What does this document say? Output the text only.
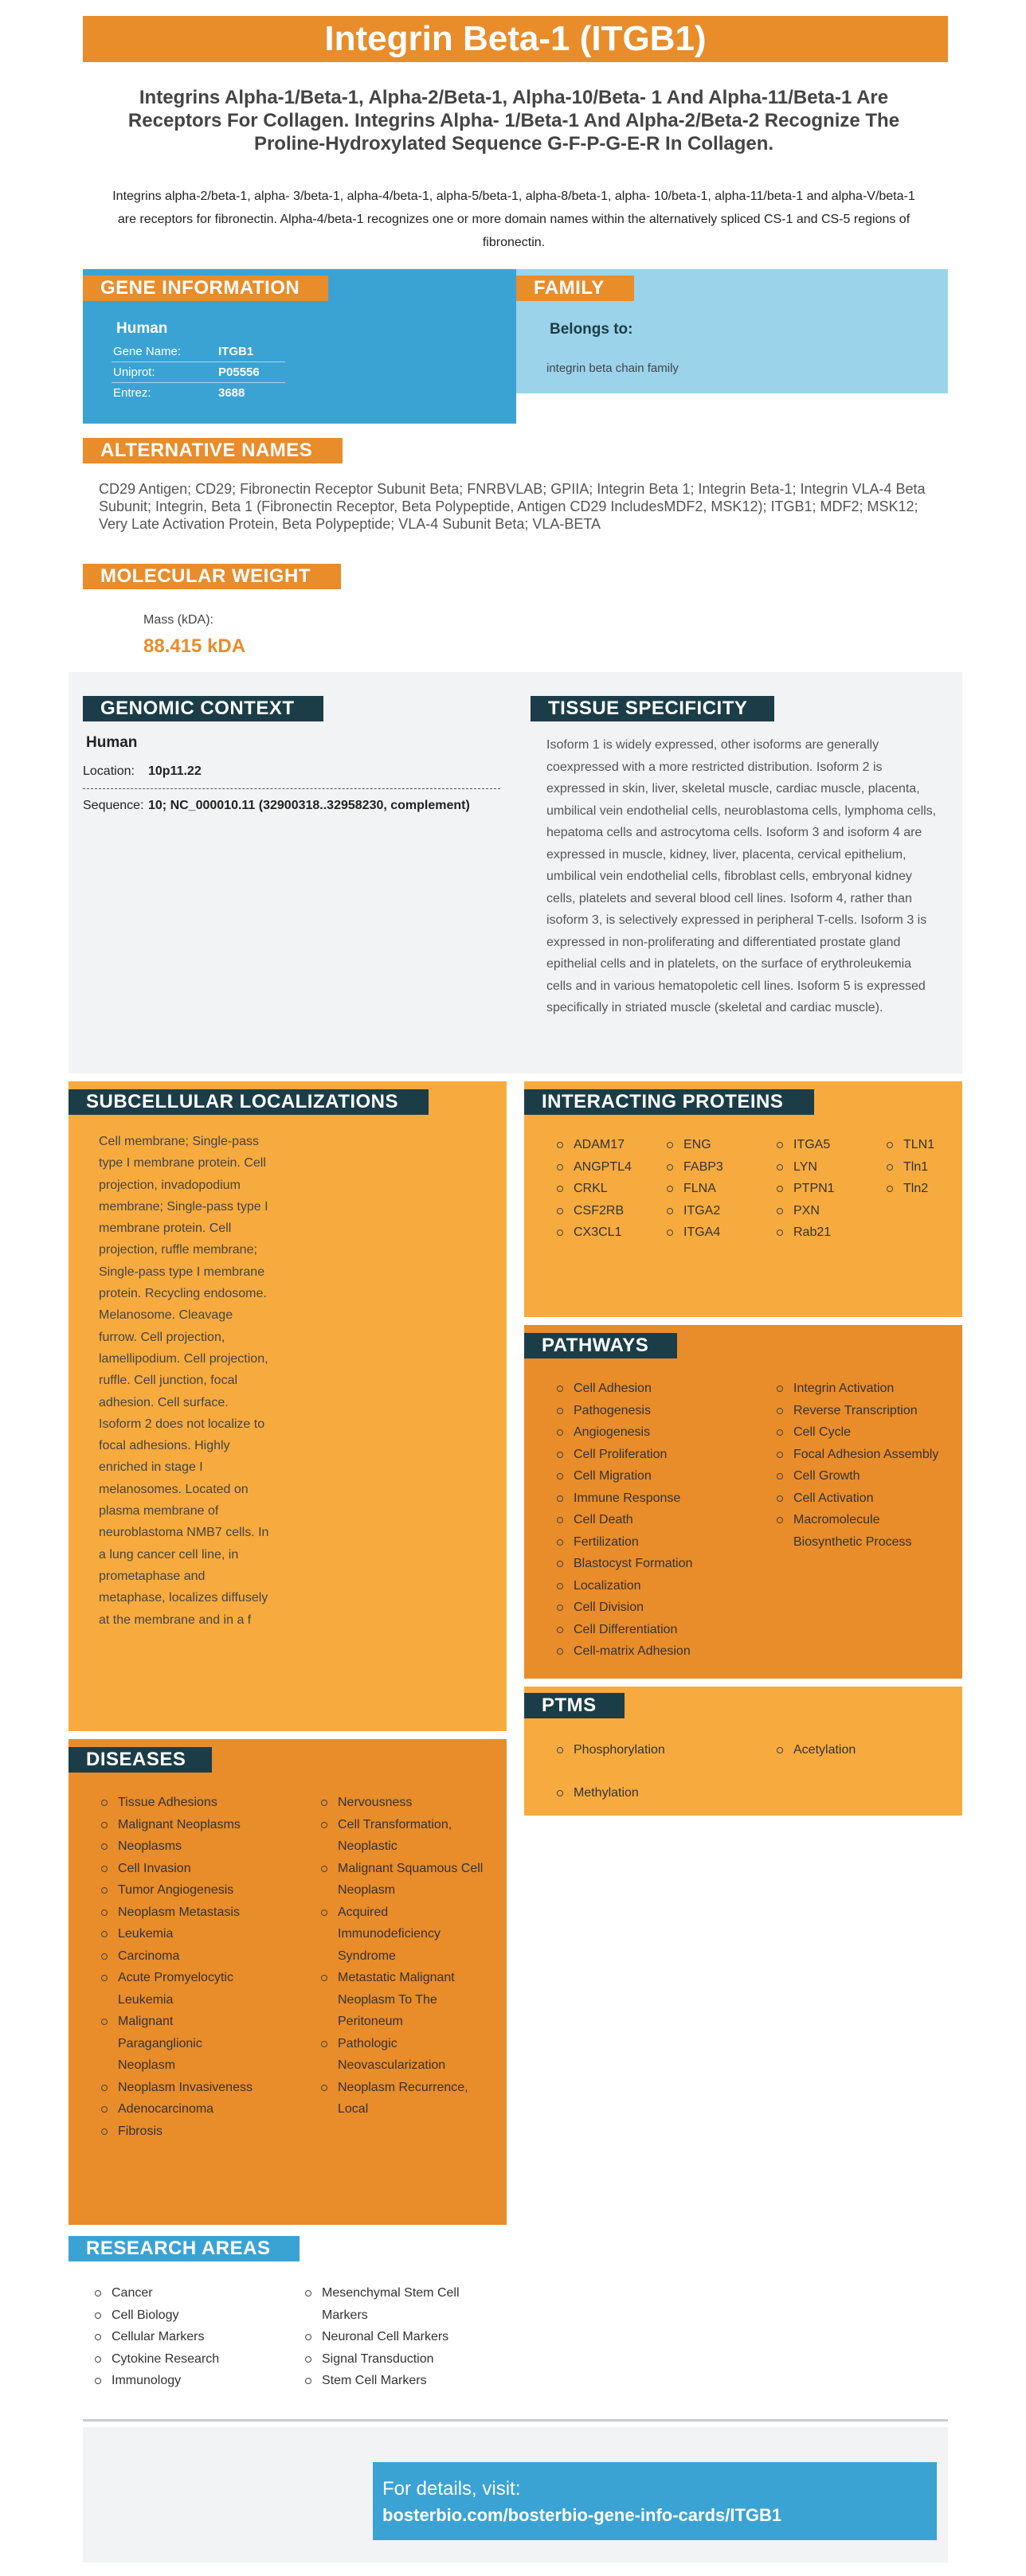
Integrin Beta-1 (ITGB1)
Integrins Alpha-1/Beta-1, Alpha-2/Beta-1, Alpha-10/Beta- 1 And Alpha-11/Beta-1 Are Receptors For Collagen. Integrins Alpha- 1/Beta-1 And Alpha-2/Beta-2 Recognize The Proline-Hydroxylated Sequence G-F-P-G-E-R In Collagen.
Integrins alpha-2/beta-1, alpha- 3/beta-1, alpha-4/beta-1, alpha-5/beta-1, alpha-8/beta-1, alpha- 10/beta-1, alpha-11/beta-1 and alpha-V/beta-1 are receptors for fibronectin. Alpha-4/beta-1 recognizes one or more domain names within the alternatively spliced CS-1 and CS-5 regions of fibronectin.
GENE INFORMATION
Human
Gene Name:	ITGB1
Uniprot:	P05556
Entrez:	3688
FAMILY
Belongs to:
integrin beta chain family
ALTERNATIVE NAMES
CD29 Antigen; CD29; Fibronectin Receptor Subunit Beta; FNRBVLAB; GPIIA; Integrin Beta 1; Integrin Beta-1; Integrin VLA-4 Beta Subunit; Integrin, Beta 1 (Fibronectin Receptor, Beta Polypeptide, Antigen CD29 IncludesMDF2, MSK12); ITGB1; MDF2; MSK12; Very Late Activation Protein, Beta Polypeptide; VLA-4 Subunit Beta; VLA-BETA
MOLECULAR WEIGHT
Mass (kDA):
88.415 kDA
GENOMIC CONTEXT
Human
Location: 10p11.22
Sequence: 10; NC_000010.11 (32900318..32958230, complement)
TISSUE SPECIFICITY
Isoform 1 is widely expressed, other isoforms are generally coexpressed with a more restricted distribution. Isoform 2 is expressed in skin, liver, skeletal muscle, cardiac muscle, placenta, umbilical vein endothelial cells, neuroblastoma cells, lymphoma cells, hepatoma cells and astrocytoma cells. Isoform 3 and isoform 4 are expressed in muscle, kidney, liver, placenta, cervical epithelium, umbilical vein endothelial cells, fibroblast cells, embryonal kidney cells, platelets and several blood cell lines. Isoform 4, rather than isoform 3, is selectively expressed in peripheral T-cells. Isoform 3 is expressed in non-proliferating and differentiated prostate gland epithelial cells and in platelets, on the surface of erythroleukemia cells and in various hematopoletic cell lines. Isoform 5 is expressed specifically in striated muscle (skeletal and cardiac muscle).
SUBCELLULAR LOCALIZATIONS
Cell membrane; Single-pass type I membrane protein. Cell projection, invadopodium membrane; Single-pass type I membrane protein. Cell projection, ruffle membrane; Single-pass type I membrane protein. Recycling endosome. Melanosome. Cleavage furrow. Cell projection, lamellipodium. Cell projection, ruffle. Cell junction, focal adhesion. Cell surface. Isoform 2 does not localize to focal adhesions. Highly enriched in stage I melanosomes. Located on plasma membrane of neuroblastoma NMB7 cells. In a lung cancer cell line, in prometaphase and metaphase, localizes diffusely at the membrane and in a f
INTERACTING PROTEINS
ADAM17
ANGPTL4
CRKL
CSF2RB
CX3CL1
ENG
FABP3
FLNA
ITGA2
ITGA4
ITGA5
LYN
PTPN1
PXN
Rab21
TLN1
Tln1
Tln2
PATHWAYS
Cell Adhesion
Pathogenesis
Angiogenesis
Cell Proliferation
Cell Migration
Immune Response
Cell Death
Fertilization
Blastocyst Formation
Localization
Cell Division
Cell Differentiation
Cell-matrix Adhesion
Integrin Activation
Reverse Transcription
Cell Cycle
Focal Adhesion Assembly
Cell Growth
Cell Activation
Macromolecule Biosynthetic Process
PTMS
Phosphorylation	Acetylation
Methylation
DISEASES
Tissue Adhesions
Malignant Neoplasms
Neoplasms
Cell Invasion
Tumor Angiogenesis
Neoplasm Metastasis
Leukemia
Carcinoma
Acute Promyelocytic Leukemia
Malignant Paraganglionic Neoplasm
Neoplasm Invasiveness
Adenocarcinoma
Fibrosis
Nervousness
Cell Transformation, Neoplastic
Malignant Squamous Cell Neoplasm
Acquired Immunodeficiency Syndrome
Metastatic Malignant Neoplasm To The Peritoneum
Pathologic Neovascularization
Neoplasm Recurrence, Local
RESEARCH AREAS
Cancer
Cell Biology
Cellular Markers
Cytokine Research
Immunology
Mesenchymal Stem Cell Markers
Neuronal Cell Markers
Signal Transduction
Stem Cell Markers
For details, visit:
bosterbio.com/bosterbio-gene-info-cards/ITGB1
